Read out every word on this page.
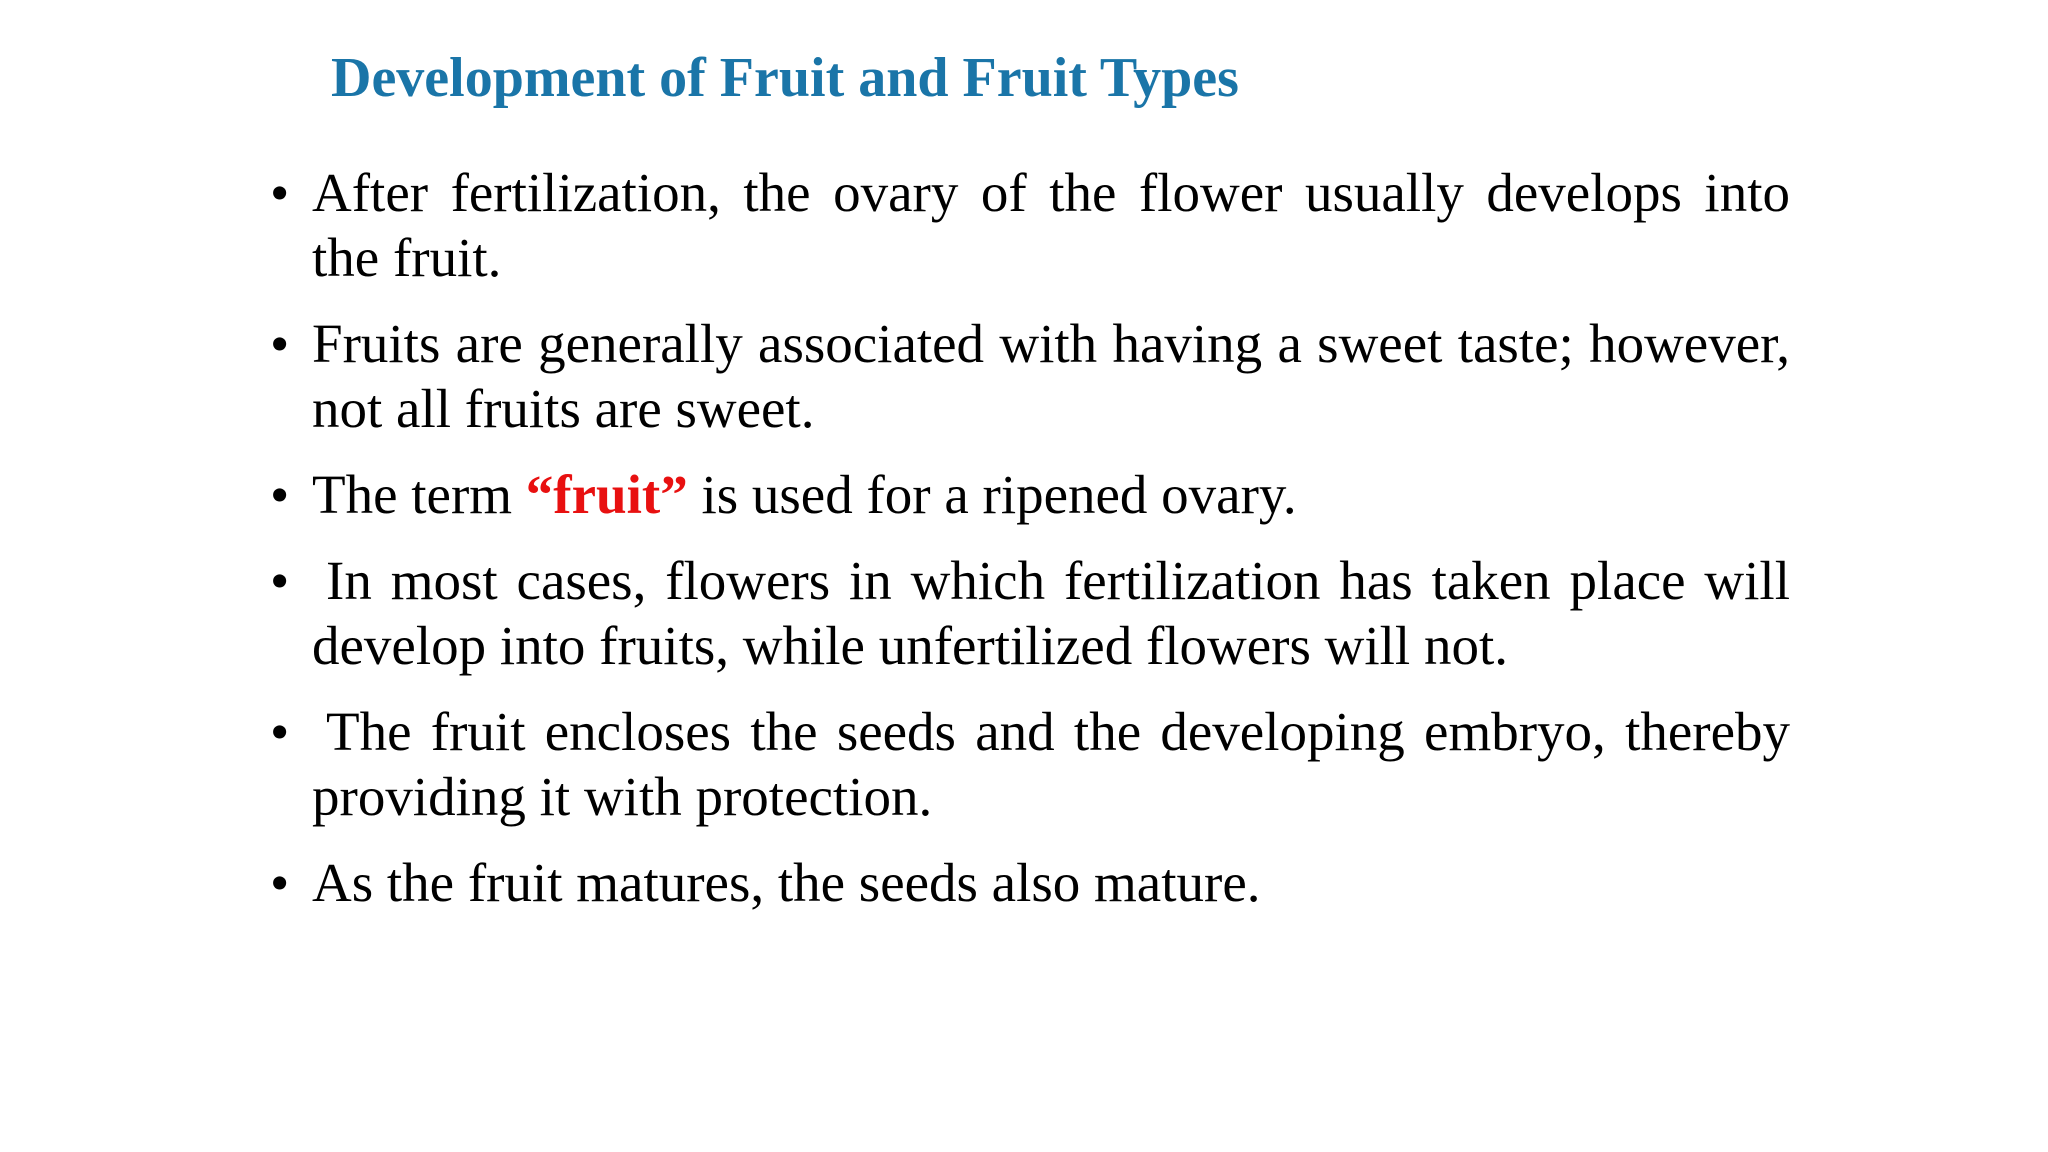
Development of Fruit and Fruit Types
• After fertilization, the ovary of the flower usually develops into the fruit.
• Fruits are generally associated with having a sweet taste; however, not all fruits are sweet.
• The term “fruit” is used for a ripened ovary.
• In most cases, flowers in which fertilization has taken place will develop into fruits, while unfertilized flowers will not.
• The fruit encloses the seeds and the developing embryo, thereby providing it with protection.
• As the fruit matures, the seeds also mature.
